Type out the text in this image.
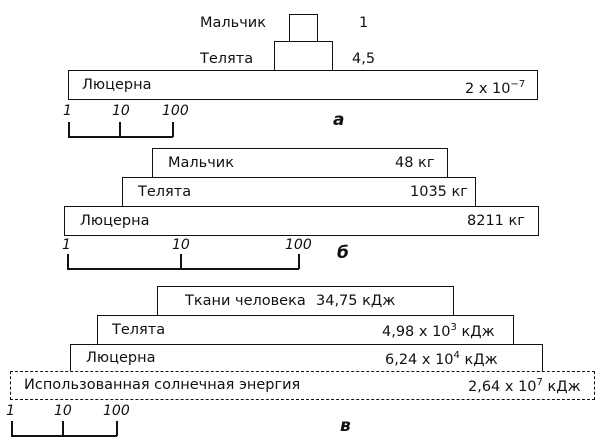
Мальчик	1
Телята	4,5
Люцерна	2 x $10^{-7}$
1	10 100	а
Мальчик	48 кг
Телята	1035 кг
Люцерна	8211 кг
1	10	100 б
Ткани человека 34,75 кДж
Телята	4,98 x $10^3$ кДж
Люцерна	6,24 x $10^4$ кДж
Использованная солнечная энергия	2,64 x $10^7$ кДж
1	10 100
в
